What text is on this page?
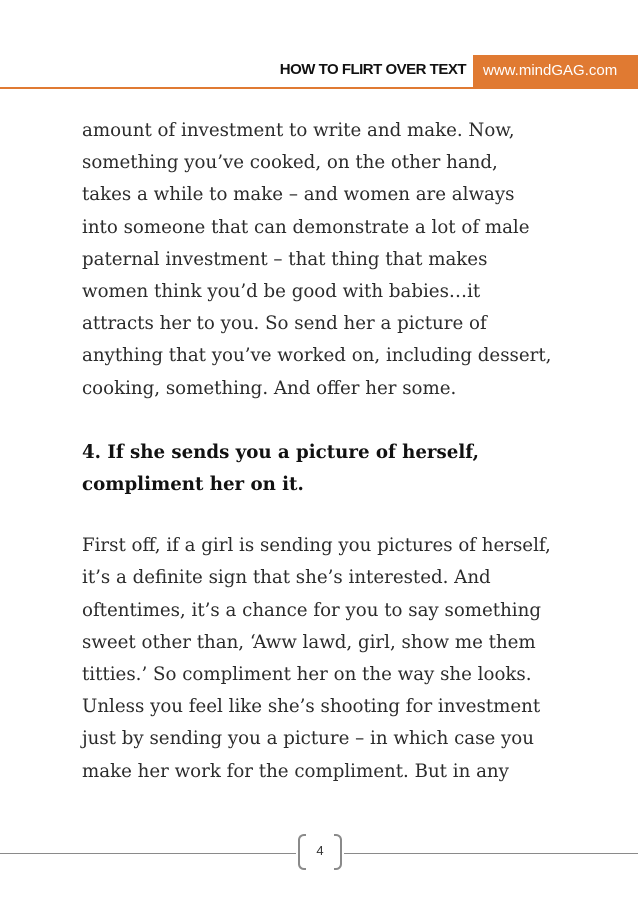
HOW TO FLIRT OVER TEXT	www.mindGAG.com

amount of investment to write and make. Now,

something you’ve cooked, on the other hand,

takes a while to make – and women are always

into someone that can demonstrate a lot of male

paternal investment – that thing that makes

women think you’d be good with babies…it

attracts her to you. So send her a picture of

anything that you’ve worked on, including dessert,

cooking, something. And offer her some.

4. If she sends you a picture of herself,

compliment her on it.

First off, if a girl is sending you pictures of herself,

it’s a definite sign that she’s interested. And

oftentimes, it’s a chance for you to say something

sweet other than, ‘Aww lawd, girl, show me them

titties.’ So compliment her on the way she looks.

Unless you feel like she’s shooting for investment

just by sending you a picture – in which case you

make her work for the compliment. But in any

4
